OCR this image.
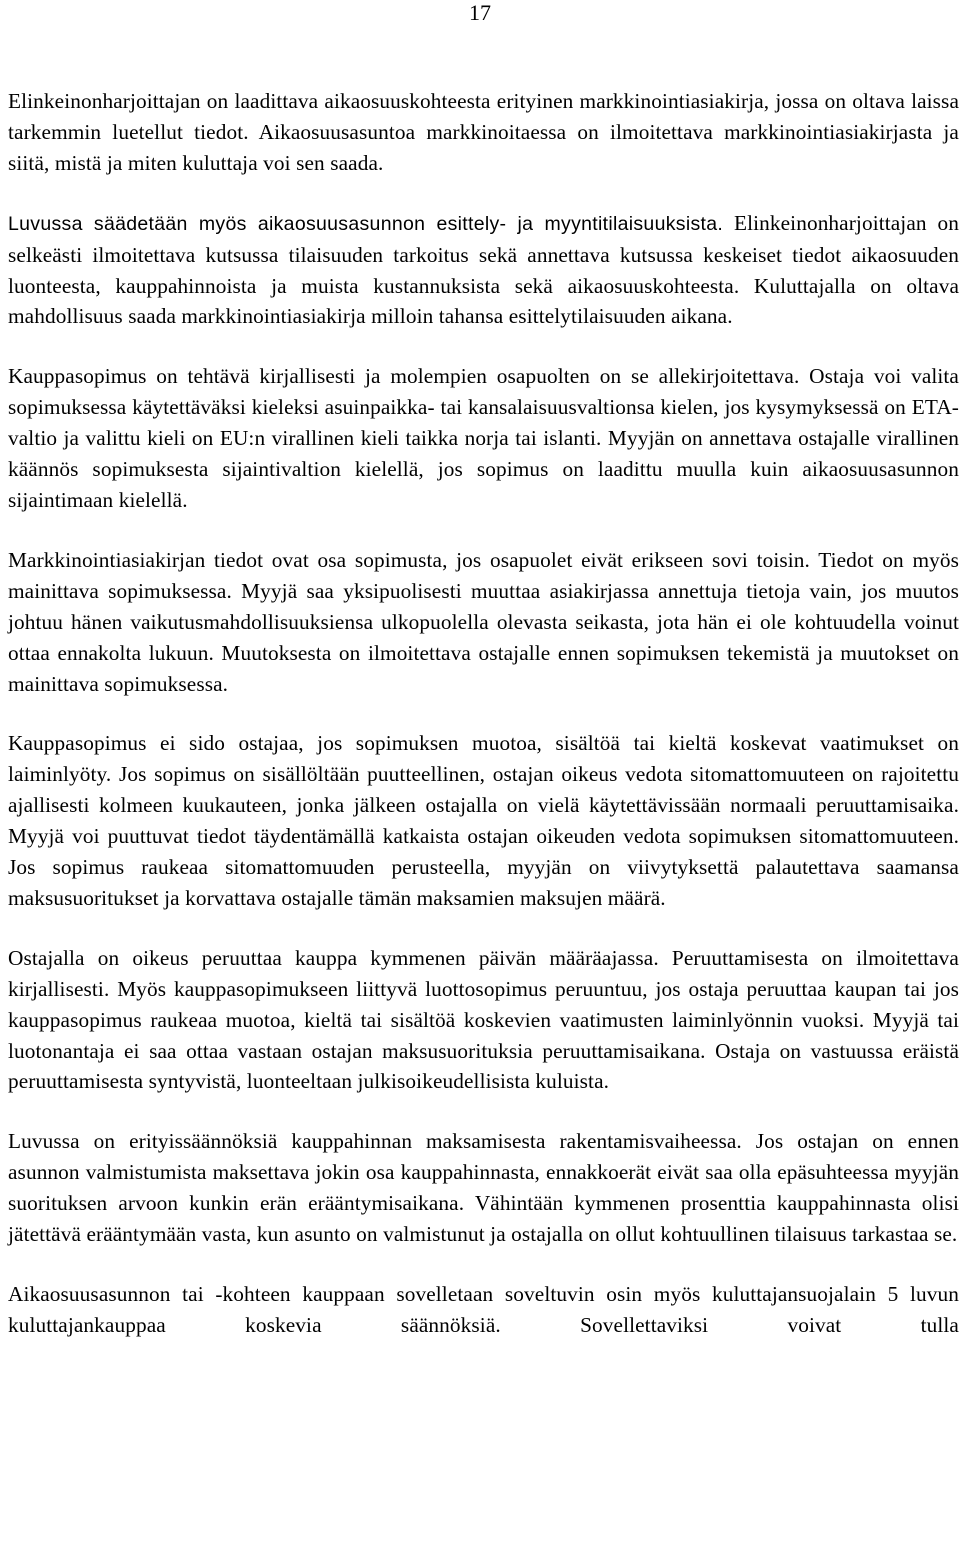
17

Elinkeinonharjoittajan on laadittava aikaosuuskohteesta erityinen markkinointiasiakirja, jossa on oltava laissa tarkemmin luetellut tiedot. Aikaosuusasuntoa markkinoitaessa on ilmoitettava markkinointiasiakirjasta ja siitä, mistä ja miten kuluttaja voi sen saada.

Luvussa säädetään myös aikaosuusasunnon esittely- ja myyntitilaisuuksista. Elinkeinonharjoittajan on selkeästi ilmoitettava kutsussa tilaisuuden tarkoitus sekä annettava kutsussa keskeiset tiedot aikaosuuden luonteesta, kauppahinnoista ja muista kustannuksista sekä aikaosuuskohteesta. Kuluttajalla on oltava mahdollisuus saada markkinointiasiakirja milloin tahansa esittelytilaisuuden aikana.

Kauppasopimus on tehtävä kirjallisesti ja molempien osapuolten on se allekirjoitettava. Ostaja voi valita sopimuksessa käytettäväksi kieleksi asuinpaikka- tai kansalaisuusvaltionsa kielen, jos kysymyksessä on ETA-valtio ja valittu kieli on EU:n virallinen kieli taikka norja tai islanti. Myyjän on annettava ostajalle virallinen käännös sopimuksesta sijaintivaltion kielellä, jos sopimus on laadittu muulla kuin aikaosuusasunnon sijaintimaan kielellä.

Markkinointiasiakirjan tiedot ovat osa sopimusta, jos osapuolet eivät erikseen sovi toisin. Tiedot on myös mainittava sopimuksessa. Myyjä saa yksipuolisesti muuttaa asiakirjassa annettuja tietoja vain, jos muutos johtuu hänen vaikutusmahdollisuuksiensa ulkopuolella olevasta seikasta, jota hän ei ole kohtuudella voinut ottaa ennakolta lukuun. Muutoksesta on ilmoitettava ostajalle ennen sopimuksen tekemistä ja muutokset on mainittava sopimuksessa.

Kauppasopimus ei sido ostajaa, jos sopimuksen muotoa, sisältöä tai kieltä koskevat vaatimukset on laiminlyöty. Jos sopimus on sisällöltään puutteellinen, ostajan oikeus vedota sitomattomuuteen on rajoitettu ajallisesti kolmeen kuukauteen, jonka jälkeen ostajalla on vielä käytettävissään normaali peruuttamisaika. Myyjä voi puuttuvat tiedot täydentämällä katkaista ostajan oikeuden vedota sopimuksen sitomattomuuteen. Jos sopimus raukeaa sitomattomuuden perusteella, myyjän on viivytyksettä palautettava saamansa maksusuoritukset ja korvattava ostajalle tämän maksamien maksujen määrä.

Ostajalla on oikeus peruuttaa kauppa kymmenen päivän määräajassa. Peruuttamisesta on ilmoitettava kirjallisesti. Myös kauppasopimukseen liittyvä luottosopimus peruuntuu, jos ostaja peruuttaa kaupan tai jos kauppasopimus raukeaa muotoa, kieltä tai sisältöä koskevien vaatimusten laiminlyönnin vuoksi. Myyjä tai luotonantaja ei saa ottaa vastaan ostajan maksusuorituksia peruuttamisaikana. Ostaja on vastuussa eräistä peruuttamisesta syntyvistä, luonteeltaan julkisoikeudellisista kuluista.

Luvussa on erityissäännöksiä kauppahinnan maksamisesta rakentamisvaiheessa. Jos ostajan on ennen asunnon valmistumista maksettava jokin osa kauppahinnasta, ennakkoerät eivät saa olla epäsuhteessa myyjän suorituksen arvoon kunkin erän erääntymisaikana. Vähintään kymmenen prosenttia kauppahinnasta olisi jätettävä erääntymään vasta, kun asunto on valmistunut ja ostajalla on ollut kohtuullinen tilaisuus tarkastaa se.

Aikaosuusasunnon tai -kohteen kauppaan sovelletaan soveltuvin osin myös kuluttajansuojalain 5 luvun kuluttajankauppaa koskevia säännöksiä. Sovellettaviksi voivat tulla
